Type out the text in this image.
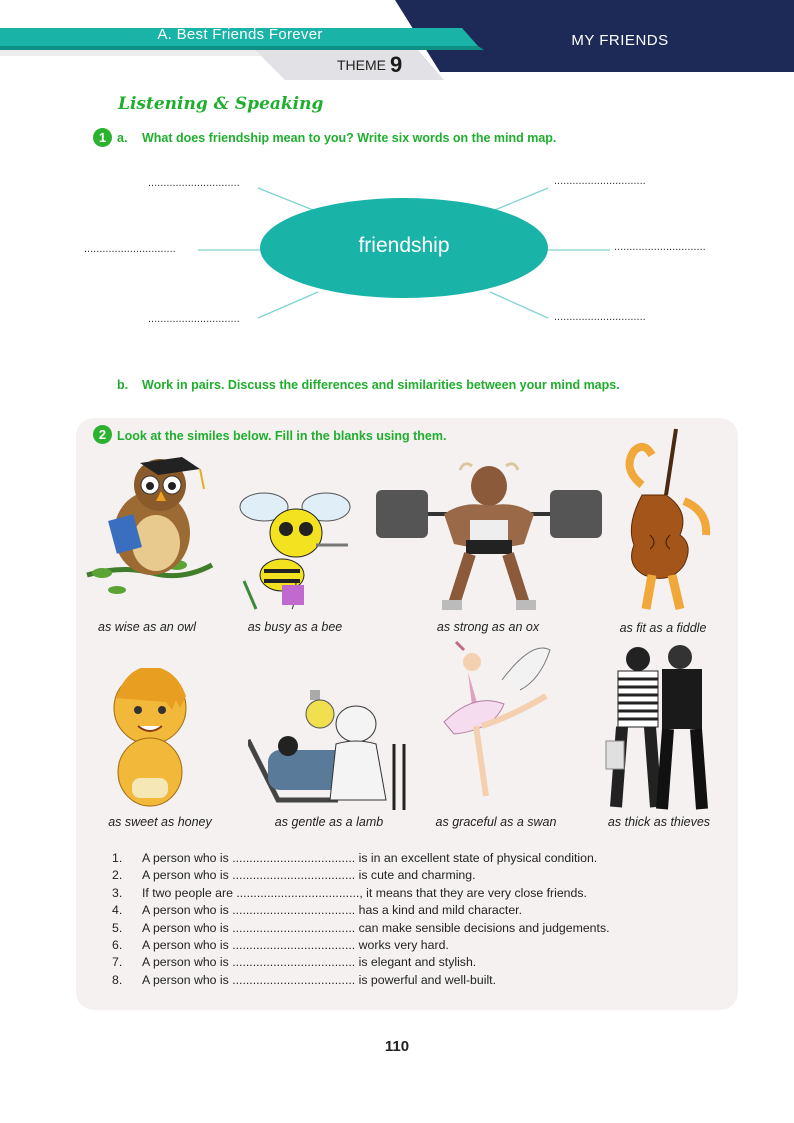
A. Best Friends Forever
THEME 9
MY FRIENDS
Listening & Speaking
1 a. What does friendship mean to you? Write six words on the mind map.
friendship
..............................	..............................
..............................	..............................
..............................	..............................
b. Work in pairs. Discuss the differences and similarities between your mind maps.
2 Look at the similes below. Fill in the blanks using them.
as wise as an owl	as busy as a bee	as strong as an ox	as fit as a fiddle
as sweet as honey	as gentle as a lamb	as graceful as a swan	as thick as thieves
1. A person who is .................................... is in an excellent state of physical condition.
2. A person who is .................................... is cute and charming.
3. If two people are ...................................., it means that they are very close friends.
4. A person who is .................................... has a kind and mild character.
5. A person who is .................................... can make sensible decisions and judgements.
6. A person who is .................................... works very hard.
7. A person who is .................................... is elegant and stylish.
8. A person who is .................................... is powerful and well-built.
110
